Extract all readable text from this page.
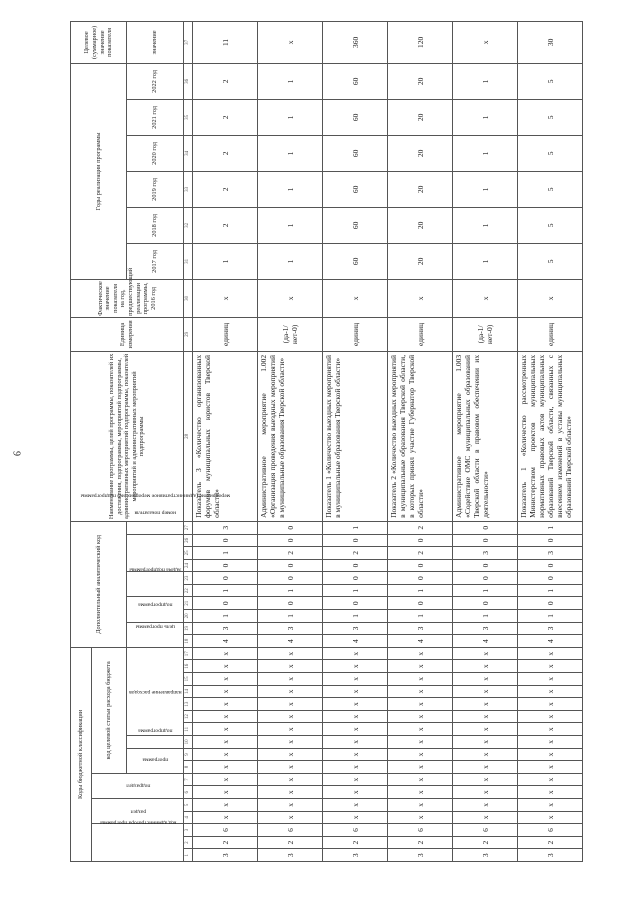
9
Коды бюджетной классификации																	Дополнительный аналитический код										Наименование программы, целей программы, показателей их достижения, подпрограммы, мероприятий подпрограммы, административных мероприятий подпрограммы, показателей мероприятий и административных мероприятий подпрограммы	Единица измерения	Фактическое значение показателя на год, предшествующий реализации программы, 2016 год	Годы реализации программы						Целевое (суммарное) значение показателя
код администратора программы			раздел		подраздел		код целевой статьи расхода бюджета																													
							программа		подпрограмма	направление расходов							цель программы		подпрограмма		задача подпрограммы		мероприятие (административное мероприятие) подпрограммы			номер показателя				2017 год	2018 год	2019 год	2020 год	2021 год	2022 год	значение
1	2	3	4	5	6	7	8	9	10	11	12	13	14	15	16	17	18	19	20	21	22	23	24	25	26	27	28	29	30	31	32	33	34	35	36	37
3	2	6	х	х	х	х	х	х	х	х	х	х	х	х	х	х	4	3	1	0	1	0	0	1	0	3	Показатель 3 «Количество организованных форумов муниципальных юристов Тверской области»	единиц	х	1	2	2	2	2	2	11
3	2	6	х	х	х	х	х	х	х	х	х	х	х	х	х	х	4	3	1	0	1	0	0	2	0	0	Административное мероприятие 1.002 «Организация проведения выездных мероприятий в муниципальные образования Тверской области»	(да-1/ нет-0)	х	1	1	1	1	1	1	х
3	2	6	х	х	х	х	х	х	х	х	х	х	х	х	х	х	4	3	1	0	1	0	0	2	0	1	Показатель 1 «Количество выездных мероприятий в муниципальные образования Тверской области»	единиц	х	60	60	60	60	60	60	360
3	2	6	х	х	х	х	х	х	х	х	х	х	х	х	х	х	4	3	1	0	1	0	0	2	0	2	Показатель 2 «Количество выездных мероприятий в муниципальные образования Тверской области, в которых принял участие Губернатор Тверской области»	единиц	х	20	20	20	20	20	20	120
3	2	6	х	х	х	х	х	х	х	х	х	х	х	х	х	х	4	3	1	0	1	0	0	3	0	0	Административное мероприятие 1.003 «Содействие ОМС муниципальных образований Тверской области в правовом обеспечении их деятельности»	(да-1/ нет-0)	х	1	1	1	1	1	1	х
3	2	6	х	х	х	х	х	х	х	х	х	х	х	х	х	х	4	3	1	0	1	0	0	3	0	1	Показатель 1 «Количество рассмотренных Министерством проектов муниципальных нормативных правовых актов муниципальных образований Тверской области, связанных с внесением изменений в уставы муниципальных образований Тверской области»	единиц	х	5	5	5	5	5	5	30
